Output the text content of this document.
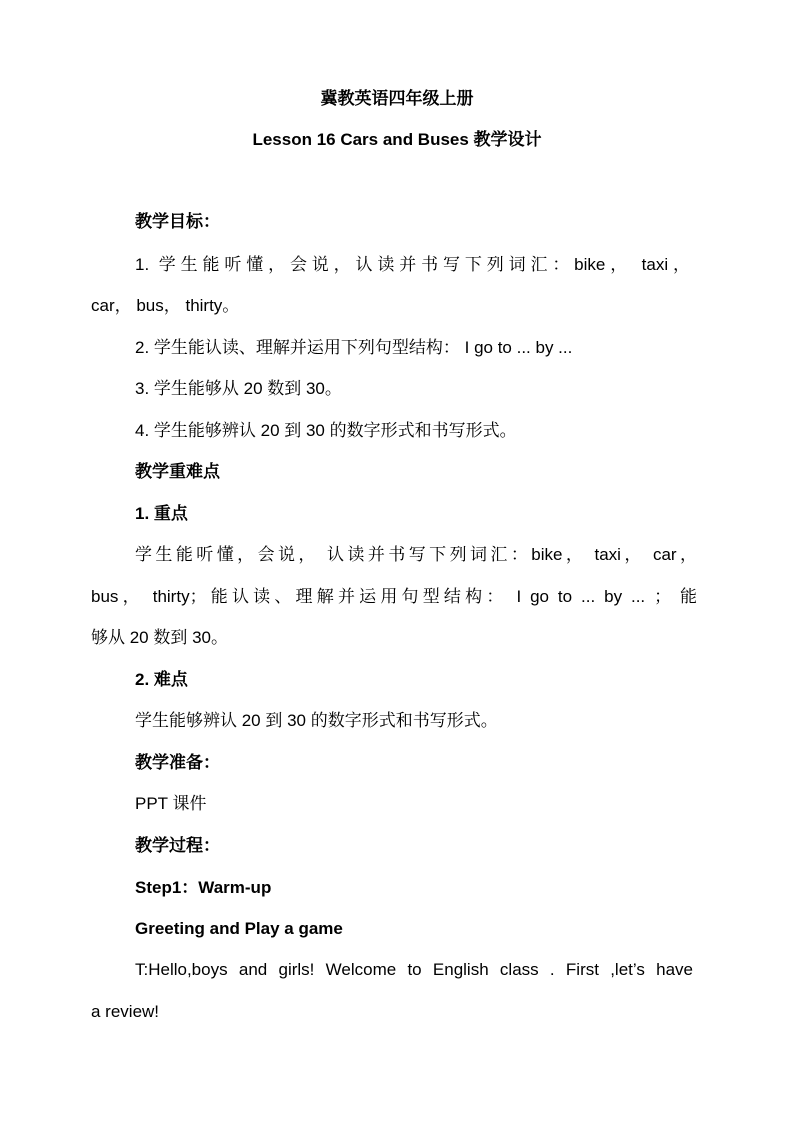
冀教英语四年级上册
Lesson 16 Cars and Buses 教学设计
教学目标：
1. 学生能听懂，会说，认读并书写下列词汇：bike， taxi，
car， bus， thirty。
2. 学生能认读、理解并运用下列句型结构： I go to ... by ...
3. 学生能够从 20 数到 30。
4. 学生能够辨认 20 到 30 的数字形式和书写形式。
教学重难点
1. 重点
学生能听懂，会说， 认读并书写下列词汇：bike， taxi， car，
bus， thirty；能认读、理解并运用句型结构： I go to ... by ... ； 能
够从 20 数到 30。
2. 难点
学生能够辨认 20 到 30 的数字形式和书写形式。
教学准备：
PPT 课件
教学过程：
Step1：Warm-up
Greeting and Play a game
T:Hello,boys and girls! Welcome to English class . First ,let’s have
a review!
